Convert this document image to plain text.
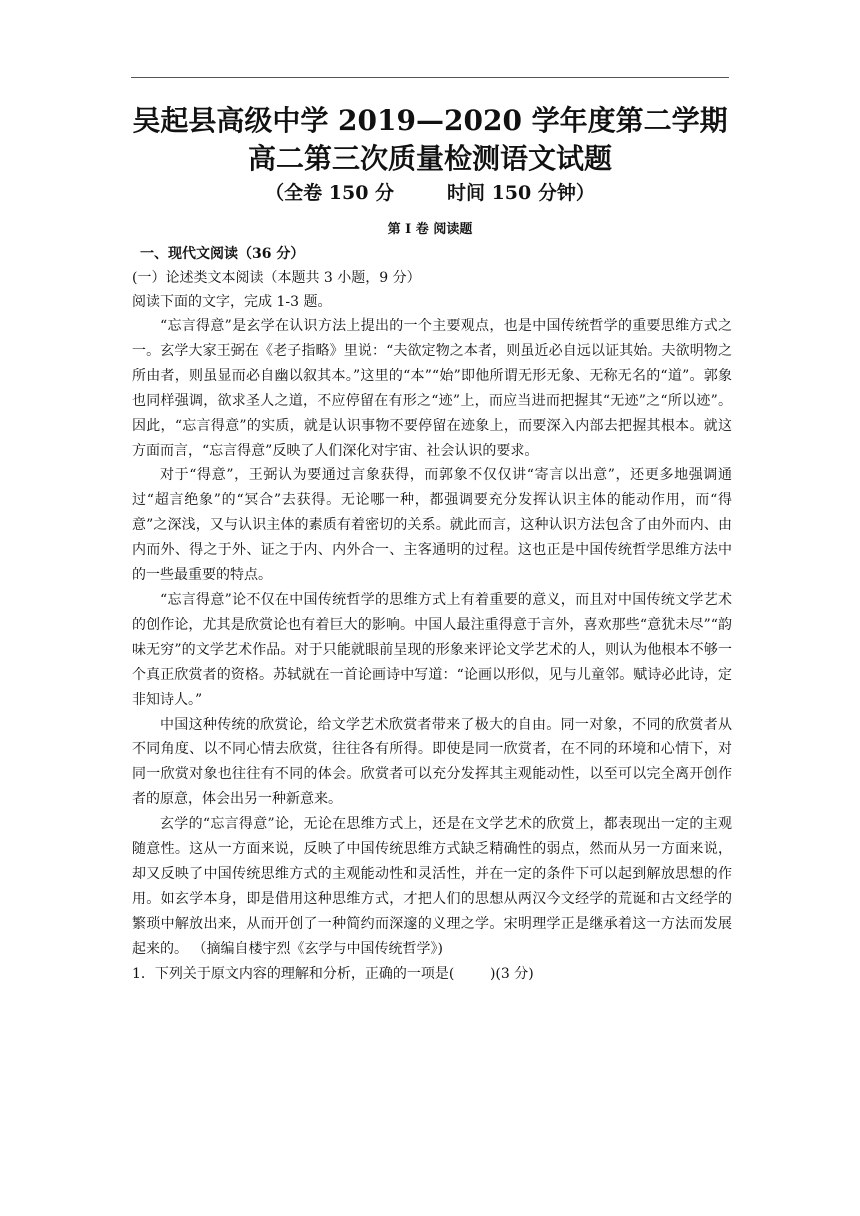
吴起县高级中学 2019—2020 学年度第二学期
高二第三次质量检测语文试题
（全卷 150 分        时间 150 分钟）
第 I 卷 阅读题

一、现代文阅读（36 分）

(一）论述类文本阅读（本题共 3 小题，9 分）

阅读下面的文字，完成 1-3 题。

“忘言得意”是玄学在认识方法上提出的一个主要观点，也是中国传统哲学的重要思维方式之一。玄学大家王弼在《老子指略》里说：“夫欲定物之本者，则虽近必自远以证其始。夫欲明物之所由者，则虽显而必自幽以叙其本。”这里的“本”“始”即他所谓无形无象、无称无名的“道”。郭象也同样强调，欲求圣人之道，不应停留在有形之“迹”上，而应当进而把握其“无迹”之“所以迹”。因此，“忘言得意”的实质，就是认识事物不要停留在迹象上，而要深入内部去把握其根本。就这方面而言，“忘言得意”反映了人们深化对宇宙、社会认识的要求。

对于“得意”，王弼认为要通过言象获得，而郭象不仅仅讲“寄言以出意”，还更多地强调通过“超言绝象”的“冥合”去获得。无论哪一种，都强调要充分发挥认识主体的能动作用，而“得意”之深浅，又与认识主体的素质有着密切的关系。就此而言，这种认识方法包含了由外而内、由内而外、得之于外、证之于内、内外合一、主客通明的过程。这也正是中国传统哲学思维方法中的一些最重要的特点。

“忘言得意”论不仅在中国传统哲学的思维方式上有着重要的意义，而且对中国传统文学艺术的创作论，尤其是欣赏论也有着巨大的影响。中国人最注重得意于言外，喜欢那些“意犹未尽”“韵味无穷”的文学艺术作品。对于只能就眼前呈现的形象来评论文学艺术的人，则认为他根本不够一个真正欣赏者的资格。苏轼就在一首论画诗中写道：“论画以形似，见与儿童邻。赋诗必此诗，定非知诗人。”

中国这种传统的欣赏论，给文学艺术欣赏者带来了极大的自由。同一对象，不同的欣赏者从不同角度、以不同心情去欣赏，往往各有所得。即使是同一欣赏者，在不同的环境和心情下，对同一欣赏对象也往往有不同的体会。欣赏者可以充分发挥其主观能动性，以至可以完全离开创作者的原意，体会出另一种新意来。

玄学的“忘言得意”论，无论在思维方式上，还是在文学艺术的欣赏上，都表现出一定的主观随意性。这从一方面来说，反映了中国传统思维方式缺乏精确性的弱点，然而从另一方面来说，却又反映了中国传统思维方式的主观能动性和灵活性，并在一定的条件下可以起到解放思想的作用。如玄学本身，即是借用这种思维方式，才把人们的思想从两汉今文经学的荒诞和古文经学的繁琐中解放出来，从而开创了一种简约而深邃的义理之学。宋明理学正是继承着这一方法而发展起来的。 （摘编自楼宇烈《玄学与中国传统哲学》)

1．下列关于原文内容的理解和分析，正确的一项是(        )(3 分)
